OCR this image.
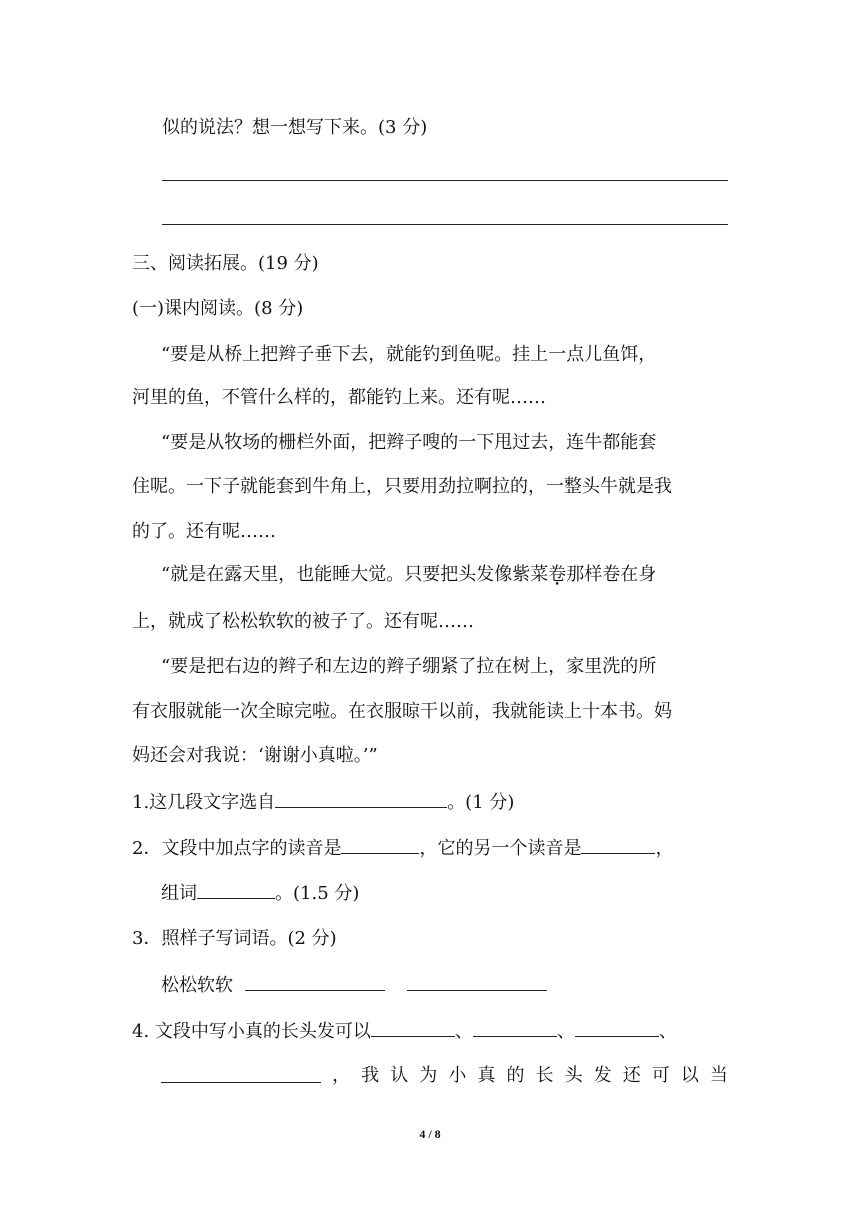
似的说法？想一想写下来。(3 分)
三、阅读拓展。(19 分)
(一)课内阅读。(8 分)
“要是从桥上把辫子垂下去，就能钓到鱼呢。挂上一点儿鱼饵，
河里的鱼，不管什么样的，都能钓上来。还有呢……
“要是从牧场的栅栏外面，把辫子嗖的一下甩过去，连牛都能套
住呢。一下子就能套到牛角上，只要用劲拉啊拉的，一整头牛就是我
的了。还有呢……
“就是在露天里，也能睡大觉。只要把头发像紫菜卷那样卷在身
上，就成了松松软软的被子了。还有呢……
“要是把右边的辫子和左边的辫子绷紧了拉在树上，家里洗的所
有衣服就能一次全晾完啦。在衣服晾干以前，我就能读上十本书。妈
妈还会对我说：‘谢谢小真啦。’”
1.这几段文字选自	。(1 分)
2．文段中加点字的读音是	，它的另一个读音是	，
组词	。(1.5 分)
3．照样子写词语。(2 分)
松松软软
4. 文段中写小真的长头发可以	、	、	、
， 我 认 为 小 真 的 长 头 发 还 可 以 当
4 / 8
